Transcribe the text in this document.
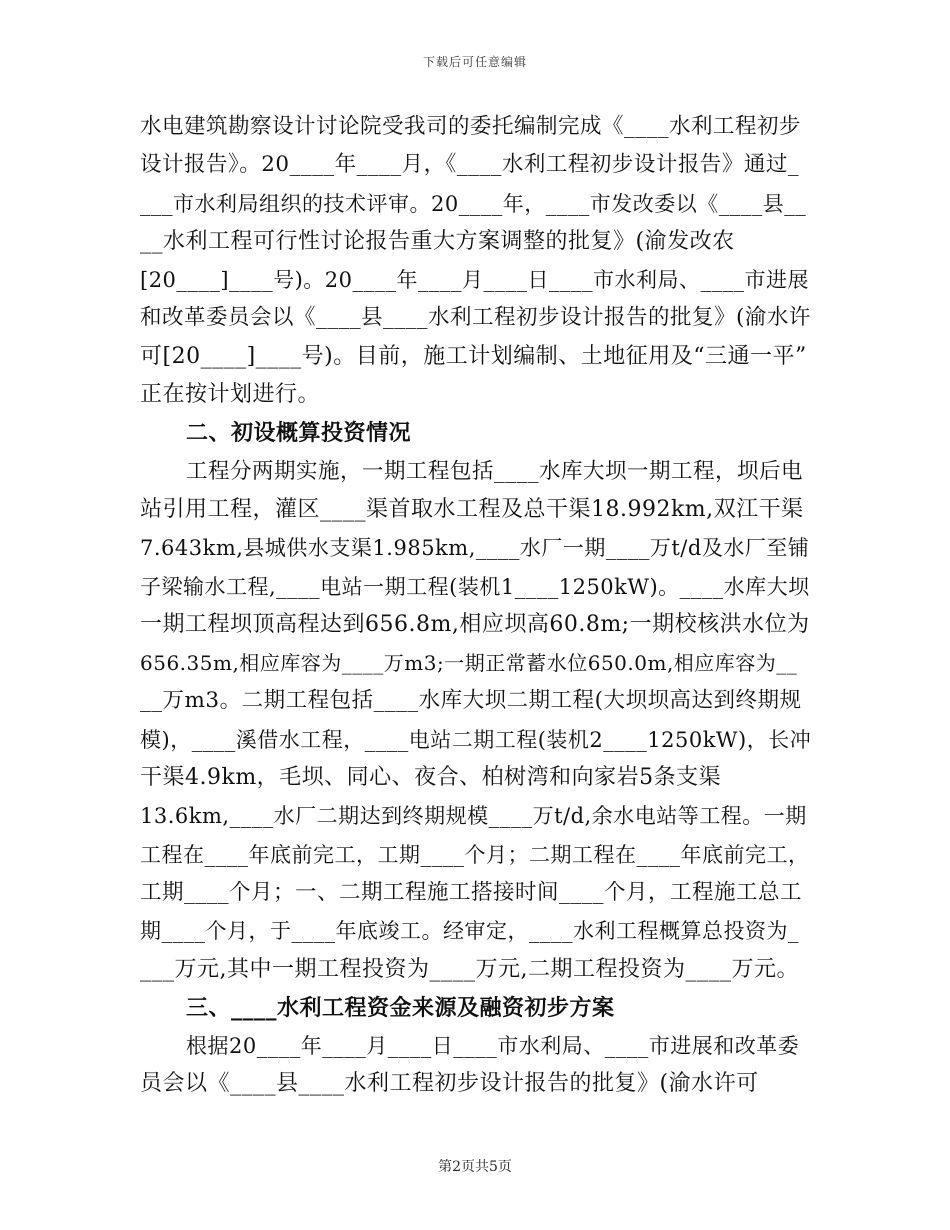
下载后可任意编辑
水电建筑勘察设计讨论院受我司的委托编制完成《____水利工程初步
设计报告》。20____年____月，《____水利工程初步设计报告》通过_
___市水利局组织的技术评审。20____年，____市发改委以《____县__
__水利工程可行性讨论报告重大方案调整的批复》(渝发改农
[20____]____号)。20____年____月____日____市水利局、____市进展
和改革委员会以《____县____水利工程初步设计报告的批复》(渝水许
可[20____]____号)。目前，施工计划编制、土地征用及“三通一平”
正在按计划进行。
二、初设概算投资情况
工程分两期实施，一期工程包括____水库大坝一期工程，坝后电
站引用工程，灌区____渠首取水工程及总干渠18.992km,双江干渠
7.643km,县城供水支渠1.985km,____水厂一期____万t/d及水厂至铺
子梁输水工程,____电站一期工程(装机1____1250kW)。____水库大坝
一期工程坝顶高程达到656.8m,相应坝高60.8m;一期校核洪水位为
656.35m,相应库容为____万m3;一期正常蓄水位650.0m,相应库容为__
__万m3。二期工程包括____水库大坝二期工程(大坝坝高达到终期规
模)，____溪借水工程，____电站二期工程(装机2____1250kW)，长冲
干渠4.9km，毛坝、同心、夜合、柏树湾和向家岩5条支渠
13.6km,____水厂二期达到终期规模____万t/d,余水电站等工程。一期
工程在____年底前完工，工期____个月；二期工程在____年底前完工，
工期____个月；一、二期工程施工搭接时间____个月，工程施工总工
期____个月，于____年底竣工。经审定，____水利工程概算总投资为_
___万元,其中一期工程投资为____万元,二期工程投资为____万元。
三、____水利工程资金来源及融资初步方案
根据20____年____月____日____市水利局、____市进展和改革委
员会以《____县____水利工程初步设计报告的批复》(渝水许可
第2页共5页
